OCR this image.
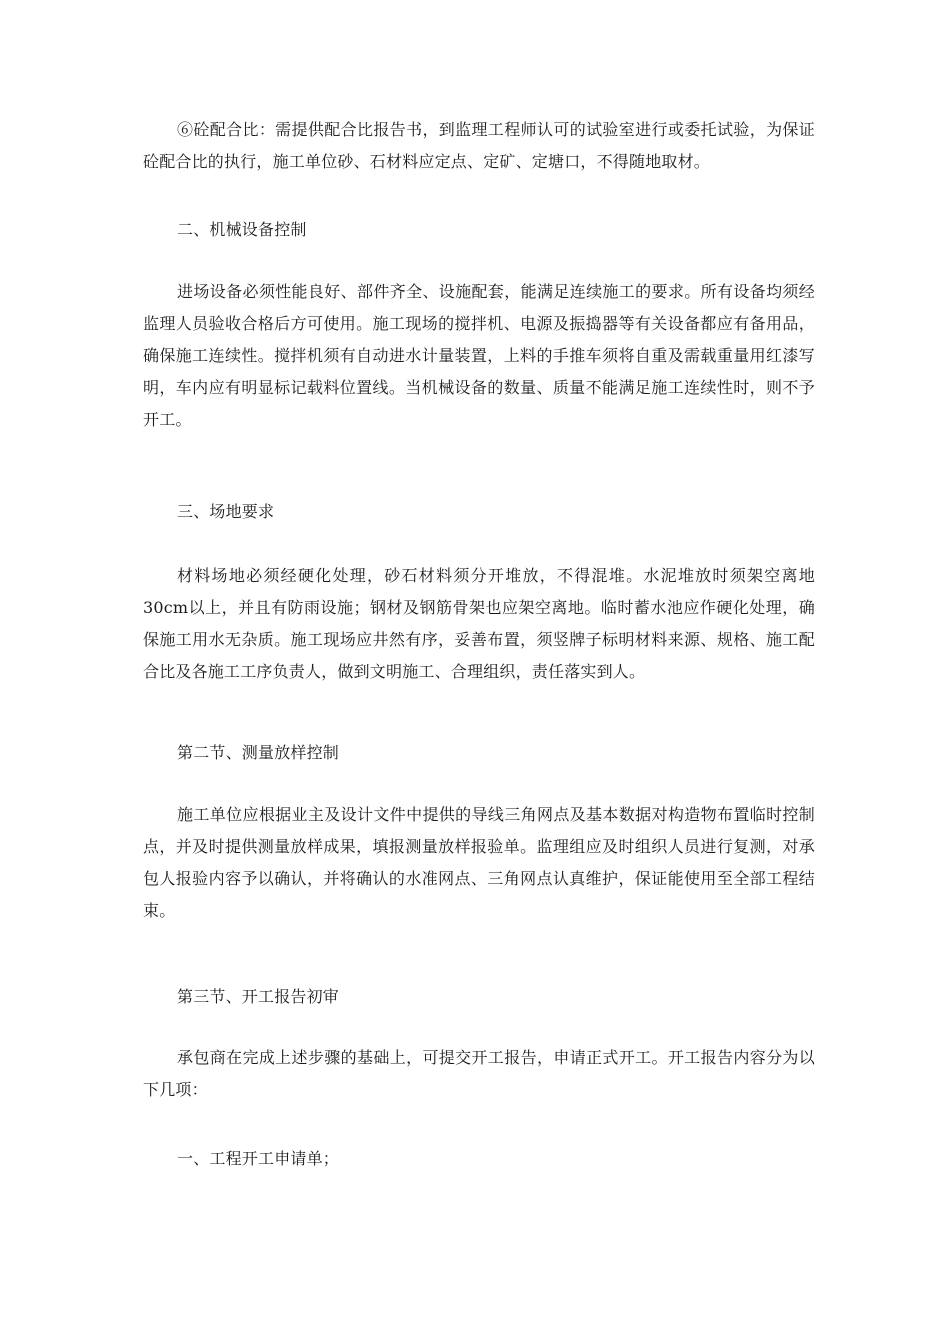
⑥砼配合比：需提供配合比报告书，到监理工程师认可的试验室进行或委托试验，为保证砼配合比的执行，施工单位砂、石材料应定点、定矿、定塘口，不得随地取材。

二、机械设备控制

进场设备必须性能良好、部件齐全、设施配套，能满足连续施工的要求。所有设备均须经监理人员验收合格后方可使用。施工现场的搅拌机、电源及振捣器等有关设备都应有备用品，确保施工连续性。搅拌机须有自动进水计量装置，上料的手推车须将自重及需载重量用红漆写明，车内应有明显标记载料位置线。当机械设备的数量、质量不能满足施工连续性时，则不予开工。

三、场地要求

材料场地必须经硬化处理，砂石材料须分开堆放，不得混堆。水泥堆放时须架空离地30cm以上，并且有防雨设施；钢材及钢筋骨架也应架空离地。临时蓄水池应作硬化处理，确保施工用水无杂质。施工现场应井然有序，妥善布置，须竖牌子标明材料来源、规格、施工配合比及各施工工序负责人，做到文明施工、合理组织，责任落实到人。

第二节、测量放样控制

施工单位应根据业主及设计文件中提供的导线三角网点及基本数据对构造物布置临时控制点，并及时提供测量放样成果，填报测量放样报验单。监理组应及时组织人员进行复测，对承包人报验内容予以确认，并将确认的水准网点、三角网点认真维护，保证能使用至全部工程结束。

第三节、开工报告初审

承包商在完成上述步骤的基础上，可提交开工报告，申请正式开工。开工报告内容分为以下几项：

一、工程开工申请单；
